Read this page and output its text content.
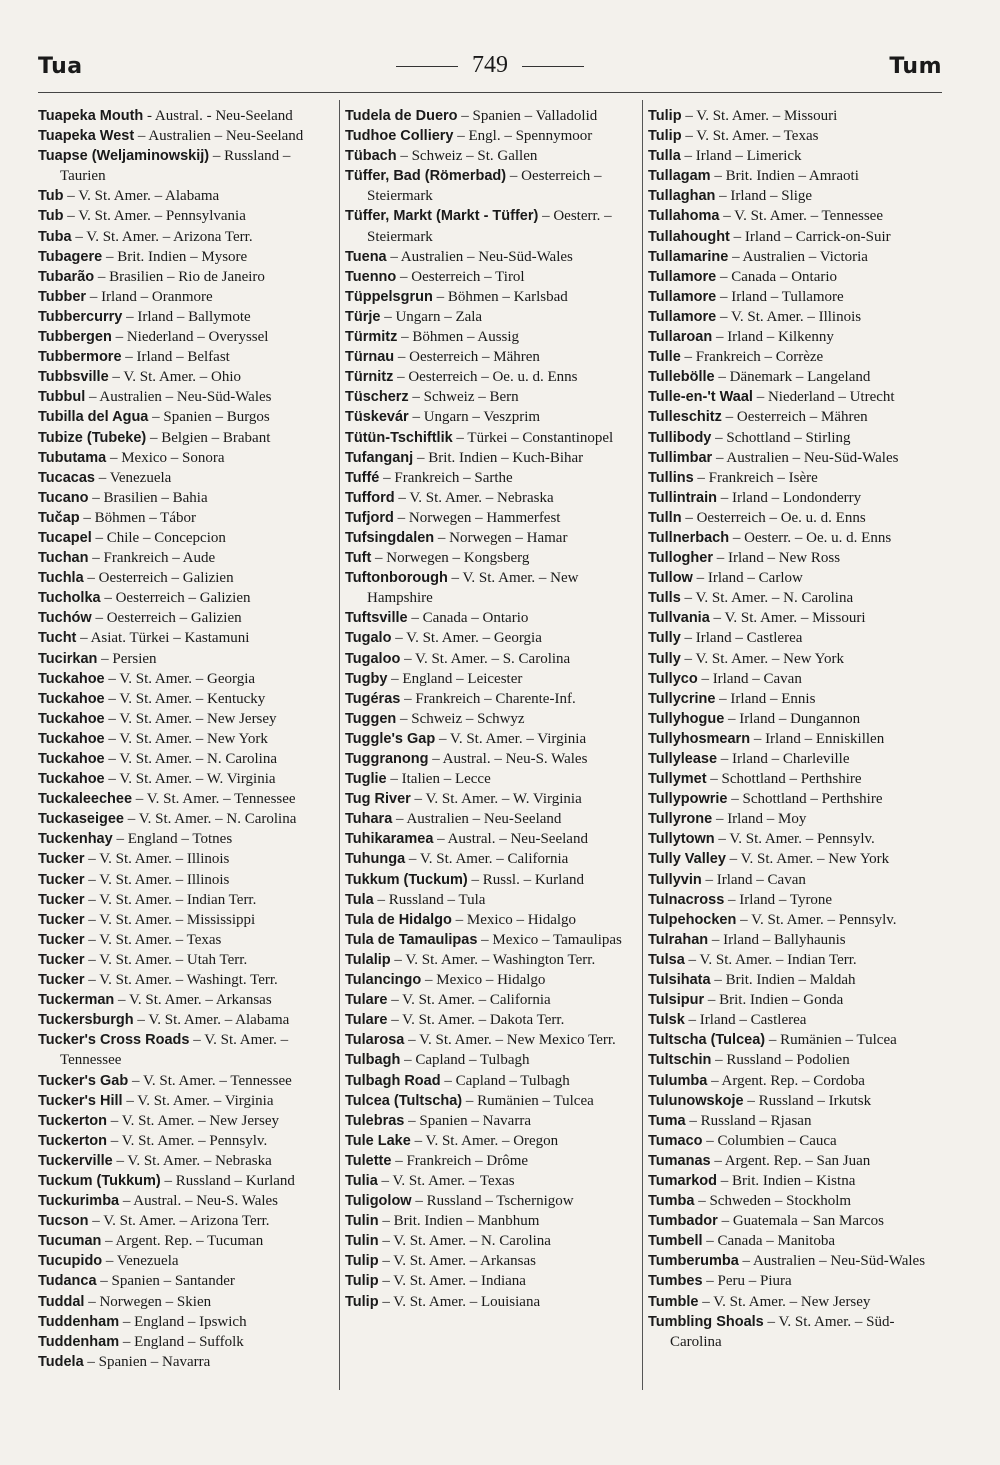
Tua	749	Tum
Tuapeka Mouth - Austral. - Neu-Seeland
Tuapeka West – Australien – Neu-Seeland
Tuapse (Weljaminowskij) – Russland – Taurien
Tub – V. St. Amer. – Alabama
Tub – V. St. Amer. – Pennsylvania
Tuba – V. St. Amer. – Arizona Terr.
Tubagere – Brit. Indien – Mysore
Tubarão – Brasilien – Rio de Janeiro
Tubber – Irland – Oranmore
Tubbercurry – Irland – Ballymote
Tubbergen – Niederland – Overyssel
Tubbermore – Irland – Belfast
Tubbsville – V. St. Amer. – Ohio
Tubbul – Australien – Neu-Süd-Wales
Tubilla del Agua – Spanien – Burgos
Tubize (Tubeke) – Belgien – Brabant
Tubutama – Mexico – Sonora
Tucacas – Venezuela
Tucano – Brasilien – Bahia
Tučap – Böhmen – Tábor
Tucapel – Chile – Concepcion
Tuchan – Frankreich – Aude
Tuchla – Oesterreich – Galizien
Tucholka – Oesterreich – Galizien
Tuchów – Oesterreich – Galizien
Tucht – Asiat. Türkei – Kastamuni
Tucirkan – Persien
Tuckahoe – V. St. Amer. – Georgia
Tuckahoe – V. St. Amer. – Kentucky
Tuckahoe – V. St. Amer. – New Jersey
Tuckahoe – V. St. Amer. – New York
Tuckahoe – V. St. Amer. – N. Carolina
Tuckahoe – V. St. Amer. – W. Virginia
Tuckaleechee – V. St. Amer. – Tennessee
Tuckaseigee – V. St. Amer. – N. Carolina
Tuckenhay – England – Totnes
Tucker – V. St. Amer. – Illinois
Tucker – V. St. Amer. – Illinois
Tucker – V. St. Amer. – Indian Terr.
Tucker – V. St. Amer. – Mississippi
Tucker – V. St. Amer. – Texas
Tucker – V. St. Amer. – Utah Terr.
Tucker – V. St. Amer. – Washingt. Terr.
Tuckerman – V. St. Amer. – Arkansas
Tuckersburgh – V. St. Amer. – Alabama
Tucker's Cross Roads – V. St. Amer. – Tennessee
Tucker's Gab – V. St. Amer. – Tennessee
Tucker's Hill – V. St. Amer. – Virginia
Tuckerton – V. St. Amer. – New Jersey
Tuckerton – V. St. Amer. – Pennsylv.
Tuckerville – V. St. Amer. – Nebraska
Tuckum (Tukkum) – Russland – Kurland
Tuckurimba – Austral. – Neu-S. Wales
Tucson – V. St. Amer. – Arizona Terr.
Tucuman – Argent. Rep. – Tucuman
Tucupido – Venezuela
Tudanca – Spanien – Santander
Tuddal – Norwegen – Skien
Tuddenham – England – Ipswich
Tuddenham – England – Suffolk
Tudela – Spanien – Navarra
Tudela de Duero – Spanien – Valladolid
Tudhoe Colliery – Engl. – Spennymoor
Tübach – Schweiz – St. Gallen
Tüffer, Bad (Römerbad) – Oesterreich – Steiermark
Tüffer, Markt (Markt - Tüffer) – Oesterr. – Steiermark
Tuena – Australien – Neu-Süd-Wales
Tuenno – Oesterreich – Tirol
Tüppelsgrun – Böhmen – Karlsbad
Türje – Ungarn – Zala
Türmitz – Böhmen – Aussig
Türnau – Oesterreich – Mähren
Türnitz – Oesterreich – Oe. u. d. Enns
Tüscherz – Schweiz – Bern
Tüskevár – Ungarn – Veszprim
Tütün-Tschiftlik – Türkei – Constantinopel
Tufanganj – Brit. Indien – Kuch-Bihar
Tuffé – Frankreich – Sarthe
Tufford – V. St. Amer. – Nebraska
Tufjord – Norwegen – Hammerfest
Tufsingdalen – Norwegen – Hamar
Tuft – Norwegen – Kongsberg
Tuftonborough – V. St. Amer. – New Hampshire
Tuftsville – Canada – Ontario
Tugalo – V. St. Amer. – Georgia
Tugaloo – V. St. Amer. – S. Carolina
Tugby – England – Leicester
Tugéras – Frankreich – Charente-Inf.
Tuggen – Schweiz – Schwyz
Tuggle's Gap – V. St. Amer. – Virginia
Tuggranong – Austral. – Neu-S. Wales
Tuglie – Italien – Lecce
Tug River – V. St. Amer. – W. Virginia
Tuhara – Australien – Neu-Seeland
Tuhikaramea – Austral. – Neu-Seeland
Tuhunga – V. St. Amer. – California
Tukkum (Tuckum) – Russl. – Kurland
Tula – Russland – Tula
Tula de Hidalgo – Mexico – Hidalgo
Tula de Tamaulipas – Mexico – Tamaulipas
Tulalip – V. St. Amer. – Washington Terr.
Tulancingo – Mexico – Hidalgo
Tulare – V. St. Amer. – California
Tulare – V. St. Amer. – Dakota Terr.
Tularosa – V. St. Amer. – New Mexico Terr.
Tulbagh – Capland – Tulbagh
Tulbagh Road – Capland – Tulbagh
Tulcea (Tultscha) – Rumänien – Tulcea
Tulebras – Spanien – Navarra
Tule Lake – V. St. Amer. – Oregon
Tulette – Frankreich – Drôme
Tulia – V. St. Amer. – Texas
Tuligolow – Russland – Tschernigow
Tulin – Brit. Indien – Manbhum
Tulin – V. St. Amer. – N. Carolina
Tulip – V. St. Amer. – Arkansas
Tulip – V. St. Amer. – Indiana
Tulip – V. St. Amer. – Louisiana
Tulip – V. St. Amer. – Missouri
Tulip – V. St. Amer. – Texas
Tulla – Irland – Limerick
Tullagam – Brit. Indien – Amraoti
Tullaghan – Irland – Slige
Tullahoma – V. St. Amer. – Tennessee
Tullahought – Irland – Carrick-on-Suir
Tullamarine – Australien – Victoria
Tullamore – Canada – Ontario
Tullamore – Irland – Tullamore
Tullamore – V. St. Amer. – Illinois
Tullaroan – Irland – Kilkenny
Tulle – Frankreich – Corrèze
Tullebölle – Dänemark – Langeland
Tulle-en-'t Waal – Niederland – Utrecht
Tulleschitz – Oesterreich – Mähren
Tullibody – Schottland – Stirling
Tullimbar – Australien – Neu-Süd-Wales
Tullins – Frankreich – Isère
Tullintrain – Irland – Londonderry
Tulln – Oesterreich – Oe. u. d. Enns
Tullnerbach – Oesterr. – Oe. u. d. Enns
Tullogher – Irland – New Ross
Tullow – Irland – Carlow
Tulls – V. St. Amer. – N. Carolina
Tullvania – V. St. Amer. – Missouri
Tully – Irland – Castlerea
Tully – V. St. Amer. – New York
Tullyco – Irland – Cavan
Tullycrine – Irland – Ennis
Tullyhogue – Irland – Dungannon
Tullyhosmearn – Irland – Enniskillen
Tullylease – Irland – Charleville
Tullymet – Schottland – Perthshire
Tullypowrie – Schottland – Perthshire
Tullyrone – Irland – Moy
Tullytown – V. St. Amer. – Pennsylv.
Tully Valley – V. St. Amer. – New York
Tullyvin – Irland – Cavan
Tulnacross – Irland – Tyrone
Tulpehocken – V. St. Amer. – Pennsylv.
Tulrahan – Irland – Ballyhaunis
Tulsa – V. St. Amer. – Indian Terr.
Tulsihata – Brit. Indien – Maldah
Tulsipur – Brit. Indien – Gonda
Tulsk – Irland – Castlerea
Tultscha (Tulcea) – Rumänien – Tulcea
Tultschin – Russland – Podolien
Tulumba – Argent. Rep. – Cordoba
Tulunowskoje – Russland – Irkutsk
Tuma – Russland – Rjasan
Tumaco – Columbien – Cauca
Tumanas – Argent. Rep. – San Juan
Tumarkod – Brit. Indien – Kistna
Tumba – Schweden – Stockholm
Tumbador – Guatemala – San Marcos
Tumbell – Canada – Manitoba
Tumberumba – Australien – Neu-Süd-Wales
Tumbes – Peru – Piura
Tumble – V. St. Amer. – New Jersey
Tumbling Shoals – V. St. Amer. – Süd-Carolina
